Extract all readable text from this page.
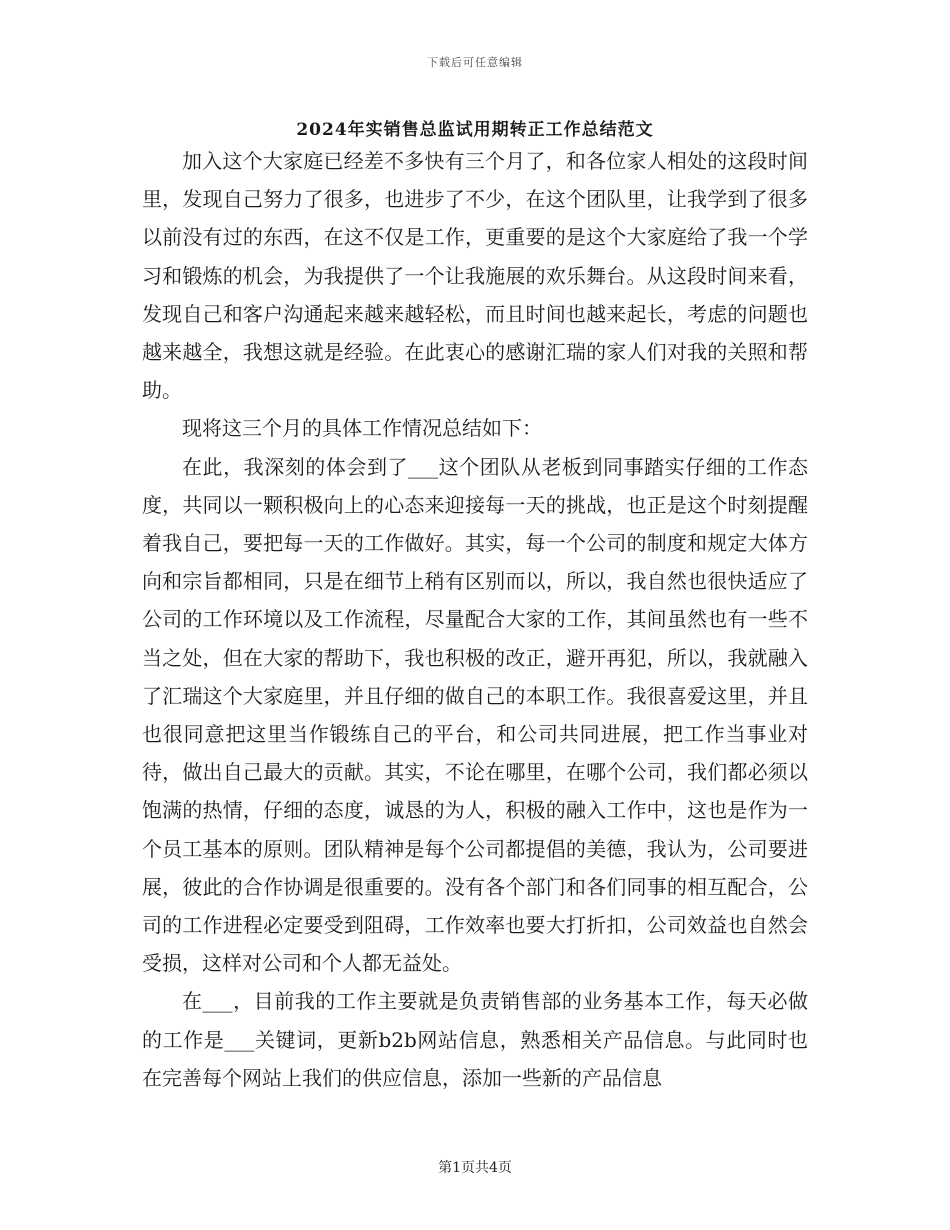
下载后可任意编辑
2024年实销售总监试用期转正工作总结范文

加入这个大家庭已经差不多快有三个月了，和各位家人相处的这段时间里，发现自己努力了很多，也进步了不少，在这个团队里，让我学到了很多以前没有过的东西，在这不仅是工作，更重要的是这个大家庭给了我一个学习和锻炼的机会，为我提供了一个让我施展的欢乐舞台。从这段时间来看，发现自己和客户沟通起来越来越轻松，而且时间也越来起长，考虑的问题也越来越全，我想这就是经验。在此衷心的感谢汇瑞的家人们对我的关照和帮助。

现将这三个月的具体工作情况总结如下：

在此，我深刻的体会到了___这个团队从老板到同事踏实仔细的工作态度，共同以一颗积极向上的心态来迎接每一天的挑战，也正是这个时刻提醒着我自己，要把每一天的工作做好。其实，每一个公司的制度和规定大体方向和宗旨都相同，只是在细节上稍有区别而以，所以，我自然也很快适应了公司的工作环境以及工作流程，尽量配合大家的工作，其间虽然也有一些不当之处，但在大家的帮助下，我也积极的改正，避开再犯，所以，我就融入了汇瑞这个大家庭里，并且仔细的做自己的本职工作。我很喜爱这里，并且也很同意把这里当作锻练自己的平台，和公司共同进展，把工作当事业对待，做出自己最大的贡献。其实，不论在哪里，在哪个公司，我们都必须以饱满的热情，仔细的态度，诚恳的为人，积极的融入工作中，这也是作为一个员工基本的原则。团队精神是每个公司都提倡的美德，我认为，公司要进展，彼此的合作协调是很重要的。没有各个部门和各们同事的相互配合，公司的工作进程必定要受到阻碍，工作效率也要大打折扣，公司效益也自然会受损，这样对公司和个人都无益处。

在___，目前我的工作主要就是负责销售部的业务基本工作，每天必做的工作是___关键词，更新b2b网站信息，熟悉相关产品信息。与此同时也在完善每个网站上我们的供应信息，添加一些新的产品信息

第1页共4页
